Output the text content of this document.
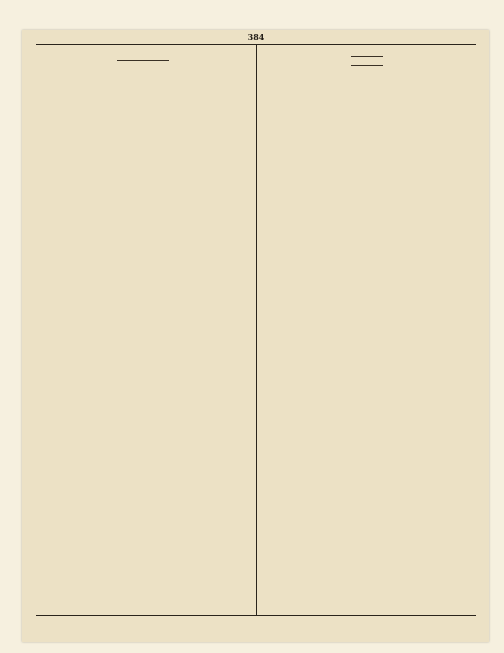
384
